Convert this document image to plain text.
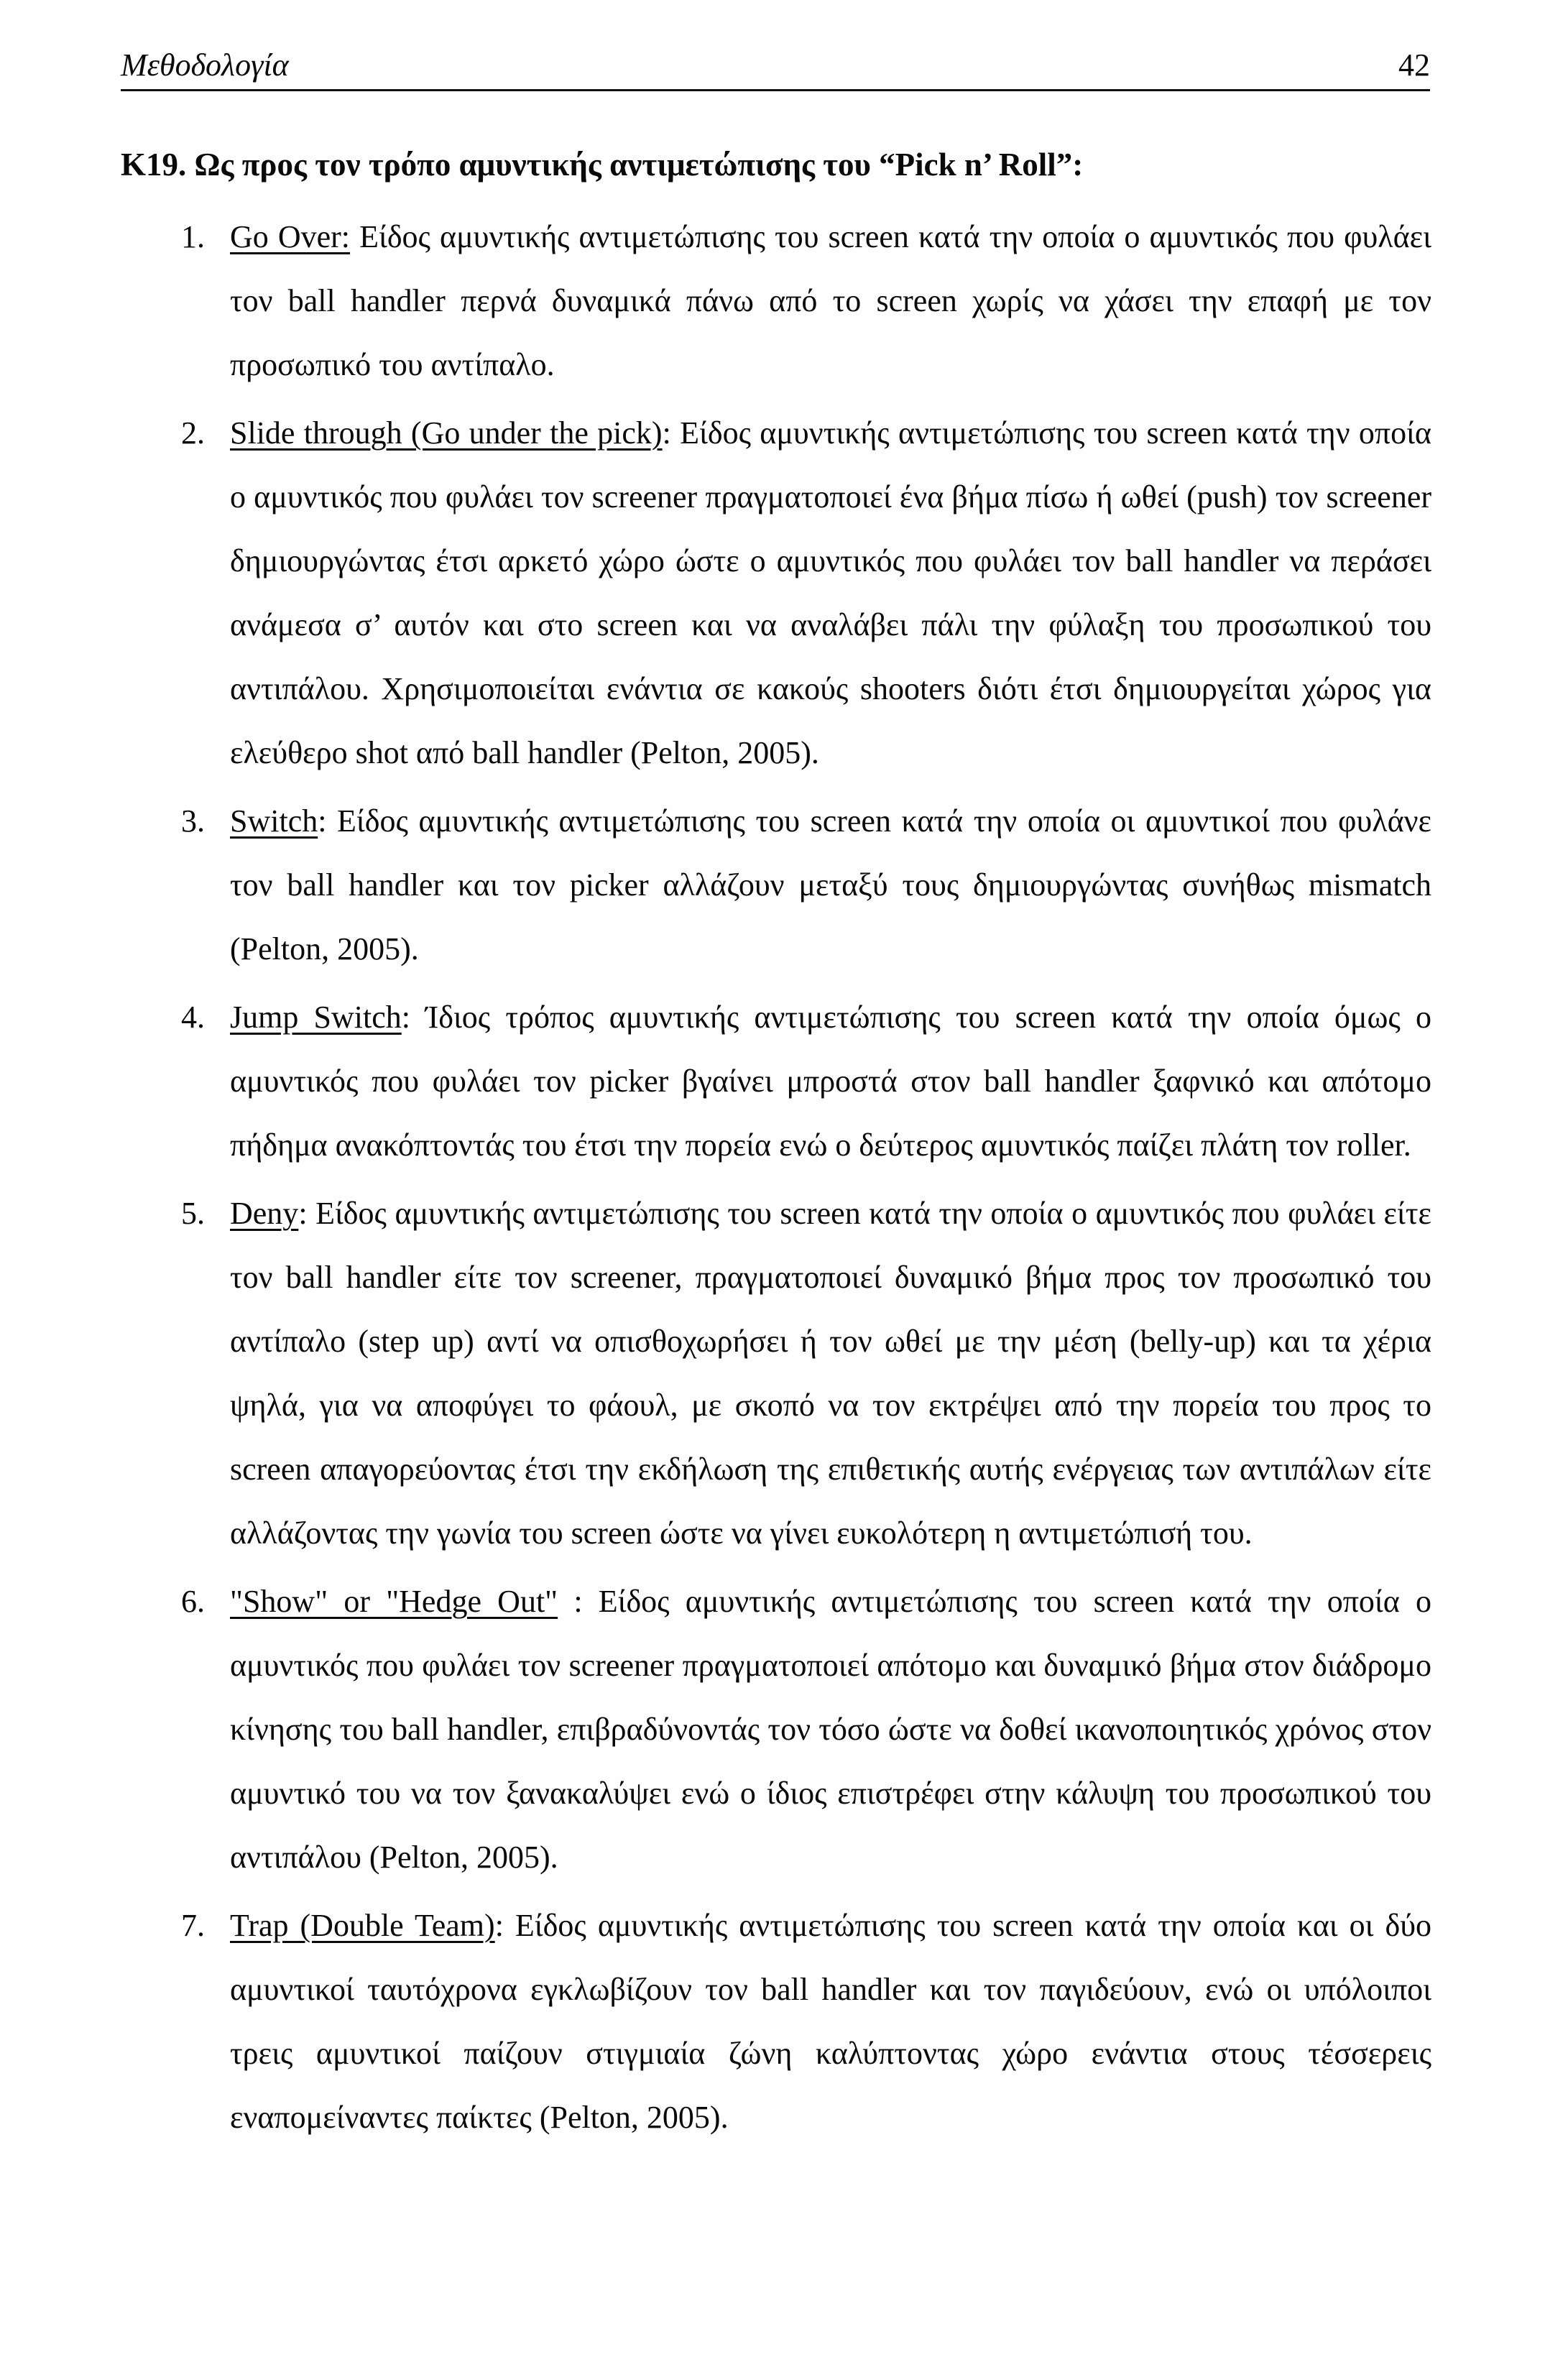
Μεθοδολογία	42
Κ19. Ως προς τον τρόπο αμυντικής αντιμετώπισης του “Pick n’ Roll”:
1. Go Over: Είδος αμυντικής αντιμετώπισης του screen κατά την οποία ο αμυντικός που φυλάει τον ball handler περνά δυναμικά πάνω από το screen χωρίς να χάσει την επαφή με τον προσωπικό του αντίπαλο.
2. Slide through (Go under the pick): Είδος αμυντικής αντιμετώπισης του screen κατά την οποία ο αμυντικός που φυλάει τον screener πραγματοποιεί ένα βήμα πίσω ή ωθεί (push) τον screener δημιουργώντας έτσι αρκετό χώρο ώστε ο αμυντικός που φυλάει τον ball handler να περάσει ανάμεσα σ’ αυτόν και στο screen και να αναλάβει πάλι την φύλαξη του προσωπικού του αντιπάλου. Χρησιμοποιείται ενάντια σε κακούς shooters διότι έτσι δημιουργείται χώρος για ελεύθερο shot από ball handler (Pelton, 2005).
3. Switch: Είδος αμυντικής αντιμετώπισης του screen κατά την οποία οι αμυντικοί που φυλάνε τον ball handler και τον picker αλλάζουν μεταξύ τους δημιουργώντας συνήθως mismatch (Pelton, 2005).
4. Jump Switch: Ίδιος τρόπος αμυντικής αντιμετώπισης του screen κατά την οποία όμως ο αμυντικός που φυλάει τον picker βγαίνει μπροστά στον ball handler ξαφνικό και απότομο πήδημα ανακόπτοντάς του έτσι την πορεία ενώ ο δεύτερος αμυντικός παίζει πλάτη τον roller.
5. Deny: Είδος αμυντικής αντιμετώπισης του screen κατά την οποία ο αμυντικός που φυλάει είτε τον ball handler είτε τον screener, πραγματοποιεί δυναμικό βήμα προς τον προσωπικό του αντίπαλο (step up) αντί να οπισθοχωρήσει ή τον ωθεί με την μέση (belly-up) και τα χέρια ψηλά, για να αποφύγει το φάουλ, με σκοπό να τον εκτρέψει από την πορεία του προς το screen απαγορεύοντας έτσι την εκδήλωση της επιθετικής αυτής ενέργειας των αντιπάλων είτε αλλάζοντας την γωνία του screen ώστε να γίνει ευκολότερη η αντιμετώπισή του.
6. "Show" or "Hedge Out" : Είδος αμυντικής αντιμετώπισης του screen κατά την οποία ο αμυντικός που φυλάει τον screener πραγματοποιεί απότομο και δυναμικό βήμα στον διάδρομο κίνησης του ball handler, επιβραδύνοντάς τον τόσο ώστε να δοθεί ικανοποιητικός χρόνος στον αμυντικό του να τον ξανακαλύψει ενώ ο ίδιος επιστρέφει στην κάλυψη του προσωπικού του αντιπάλου (Pelton, 2005).
7. Trap (Double Team): Είδος αμυντικής αντιμετώπισης του screen κατά την οποία και οι δύο αμυντικοί ταυτόχρονα εγκλωβίζουν τον ball handler και τον παγιδεύουν, ενώ οι υπόλοιποι τρεις αμυντικοί παίζουν στιγμιαία ζώνη καλύπτοντας χώρο ενάντια στους τέσσερεις εναπομείναντες παίκτες (Pelton, 2005).
